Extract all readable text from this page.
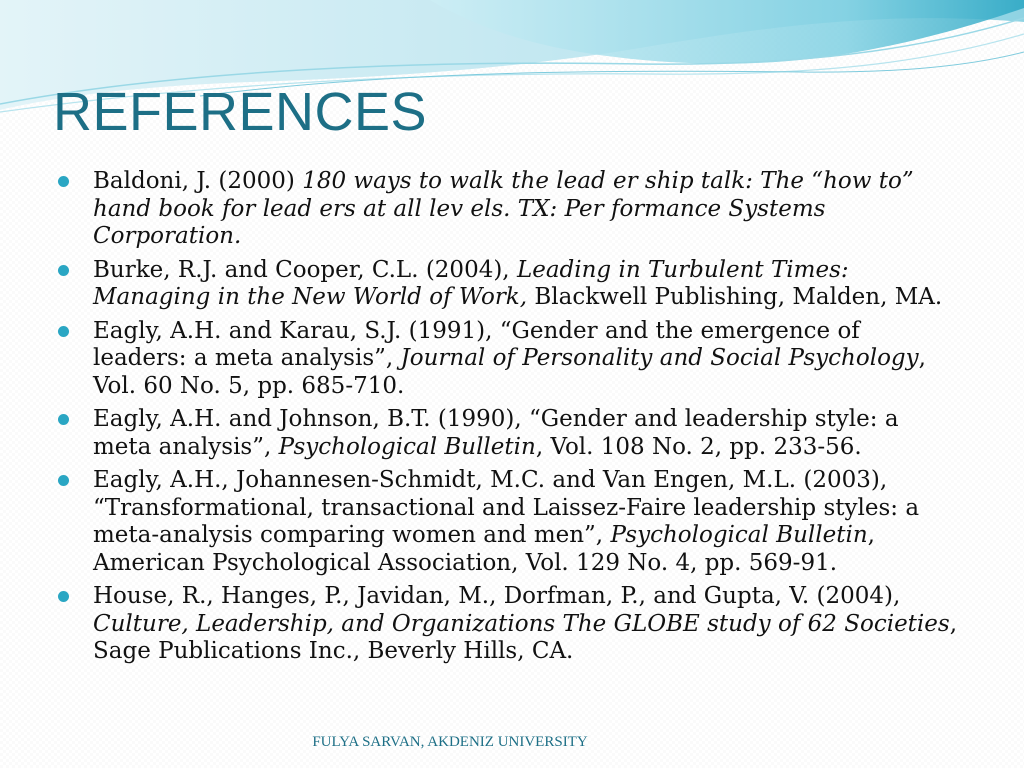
REFERENCES
Baldoni, J. (2000) 180 ways to walk the lead er ship talk: The “how to” hand book for lead ers at all lev els. TX: Per formance Systems Corporation.
Burke, R.J. and Cooper, C.L. (2004), Leading in Turbulent Times: Managing in the New World of Work, Blackwell Publishing, Malden, MA.
Eagly, A.H. and Karau, S.J. (1991), “Gender and the emergence of leaders: a meta analysis”, Journal of Personality and Social Psychology, Vol. 60 No. 5, pp. 685-710.
Eagly, A.H. and Johnson, B.T. (1990), “Gender and leadership style: a meta analysis”, Psychological Bulletin, Vol. 108 No. 2, pp. 233-56.
Eagly, A.H., Johannesen-Schmidt, M.C. and Van Engen, M.L. (2003), “Transformational, transactional and Laissez-Faire leadership styles: a meta-analysis comparing women and men”, Psychological Bulletin, American Psychological Association, Vol. 129 No. 4, pp. 569-91.
House, R., Hanges, P., Javidan, M., Dorfman, P., and Gupta, V. (2004), Culture, Leadership, and Organizations The GLOBE study of 62 Societies, Sage Publications Inc., Beverly Hills, CA.
FULYA SARVAN, AKDENIZ UNIVERSITY
